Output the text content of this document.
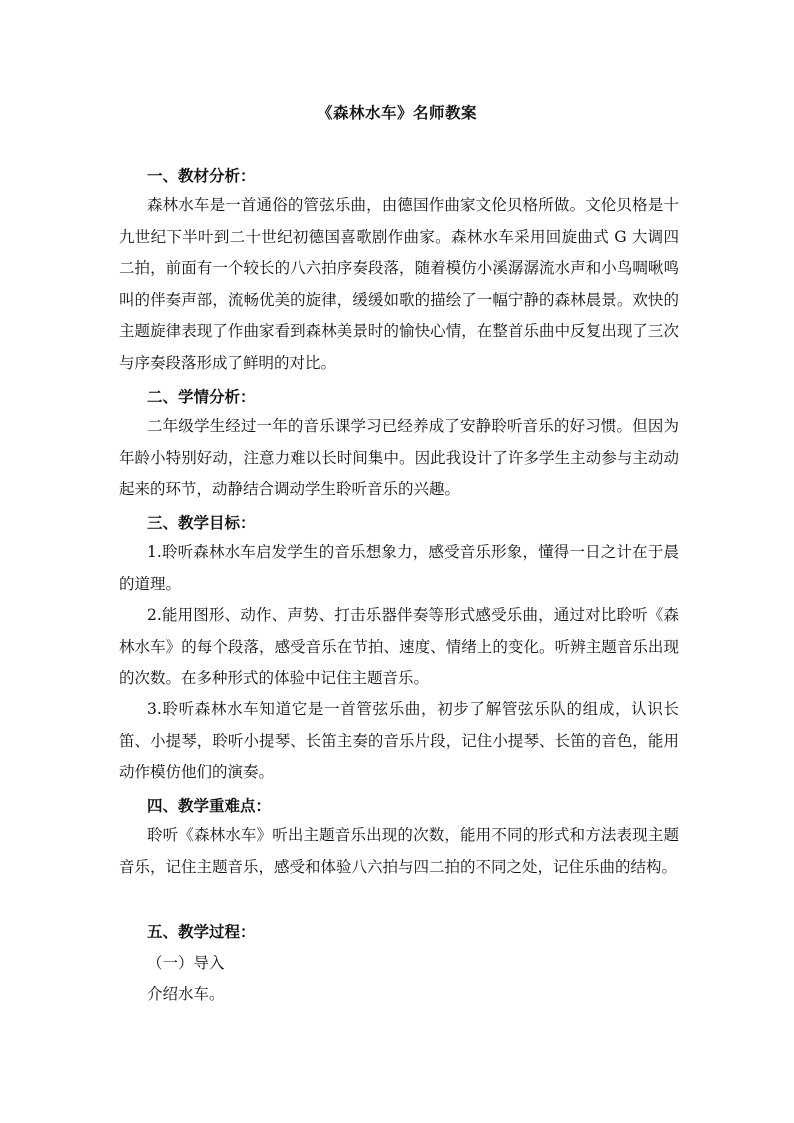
《森林水车》名师教案
一、教材分析：

森林水车是一首通俗的管弦乐曲，由德国作曲家文伦贝格所做。文伦贝格是十九世纪下半叶到二十世纪初德国喜歌剧作曲家。森林水车采用回旋曲式 G 大调四二拍，前面有一个较长的八六拍序奏段落，随着模仿小溪潺潺流水声和小鸟啁啾鸣叫的伴奏声部，流畅优美的旋律，缓缓如歌的描绘了一幅宁静的森林晨景。欢快的主题旋律表现了作曲家看到森林美景时的愉快心情，在整首乐曲中反复出现了三次与序奏段落形成了鲜明的对比。

二、学情分析：

二年级学生经过一年的音乐课学习已经养成了安静聆听音乐的好习惯。但因为年龄小特别好动，注意力难以长时间集中。因此我设计了许多学生主动参与主动动起来的环节，动静结合调动学生聆听音乐的兴趣。

三、教学目标：

1.聆听森林水车启发学生的音乐想象力，感受音乐形象，懂得一日之计在于晨的道理。

2.能用图形、动作、声势、打击乐器伴奏等形式感受乐曲，通过对比聆听《森林水车》的每个段落，感受音乐在节拍、速度、情绪上的变化。听辨主题音乐出现的次数。在多种形式的体验中记住主题音乐。

3.聆听森林水车知道它是一首管弦乐曲，初步了解管弦乐队的组成，认识长笛、小提琴，聆听小提琴、长笛主奏的音乐片段，记住小提琴、长笛的音色，能用动作模仿他们的演奏。

四、教学重难点：

聆听《森林水车》听出主题音乐出现的次数，能用不同的形式和方法表现主题音乐，记住主题音乐，感受和体验八六拍与四二拍的不同之处，记住乐曲的结构。

五、教学过程：
（一）导入
介绍水车。
